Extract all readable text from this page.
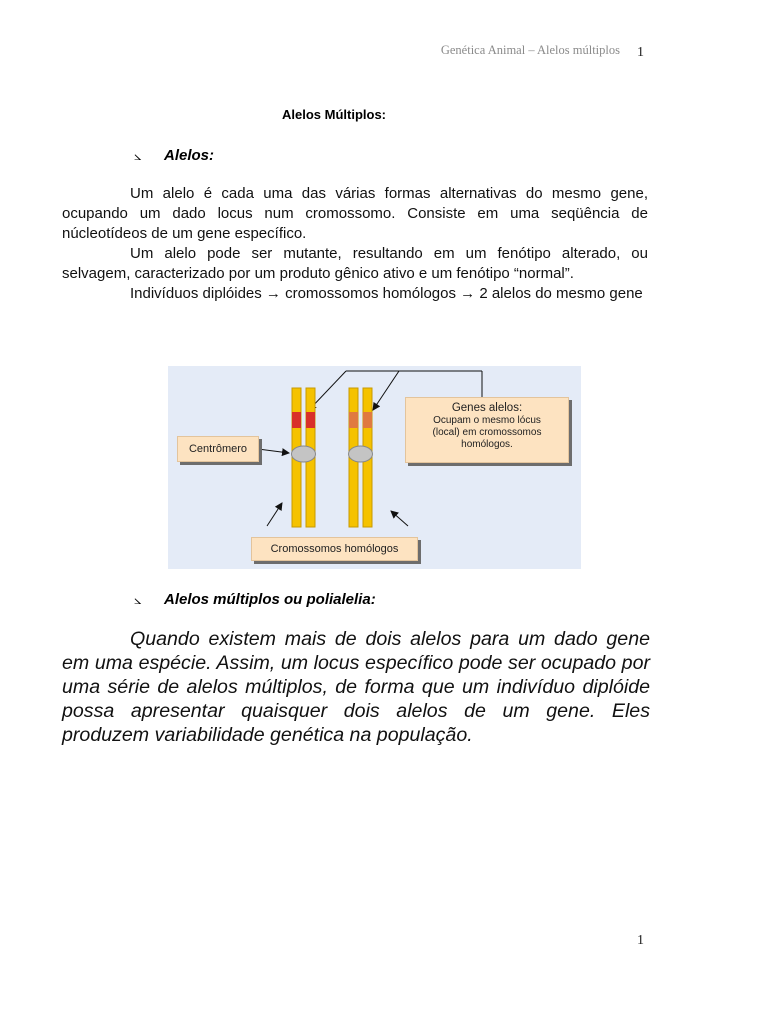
Genética Animal – Alelos múltiplos 1
Alelos Múltiplos:
⦣ Alelos:

Um alelo é cada uma das várias formas alternativas do mesmo gene, ocupando um dado locus num cromossomo. Consiste em uma seqüência de núcleotídeos de um gene específico.

Um alelo pode ser mutante, resultando em um fenótipo alterado, ou selvagem, caracterizado por um produto gênico ativo e um fenótipo “normal”.

Indivíduos diplóides → cromossomos homólogos → 2 alelos do mesmo gene

Centrômero
Genes alelos:
Ocupam o mesmo lócus (local) em cromossomos homólogos.
Cromossomos homólogos
⦣ Alelos múltiplos ou polialelia:

Quando existem mais de dois alelos para um dado gene em uma espécie. Assim, um locus específico pode ser ocupado por uma série de alelos múltiplos, de forma que um indivíduo diplóide possa apresentar quaisquer dois alelos de um gene. Eles produzem variabilidade genética na população.

1
